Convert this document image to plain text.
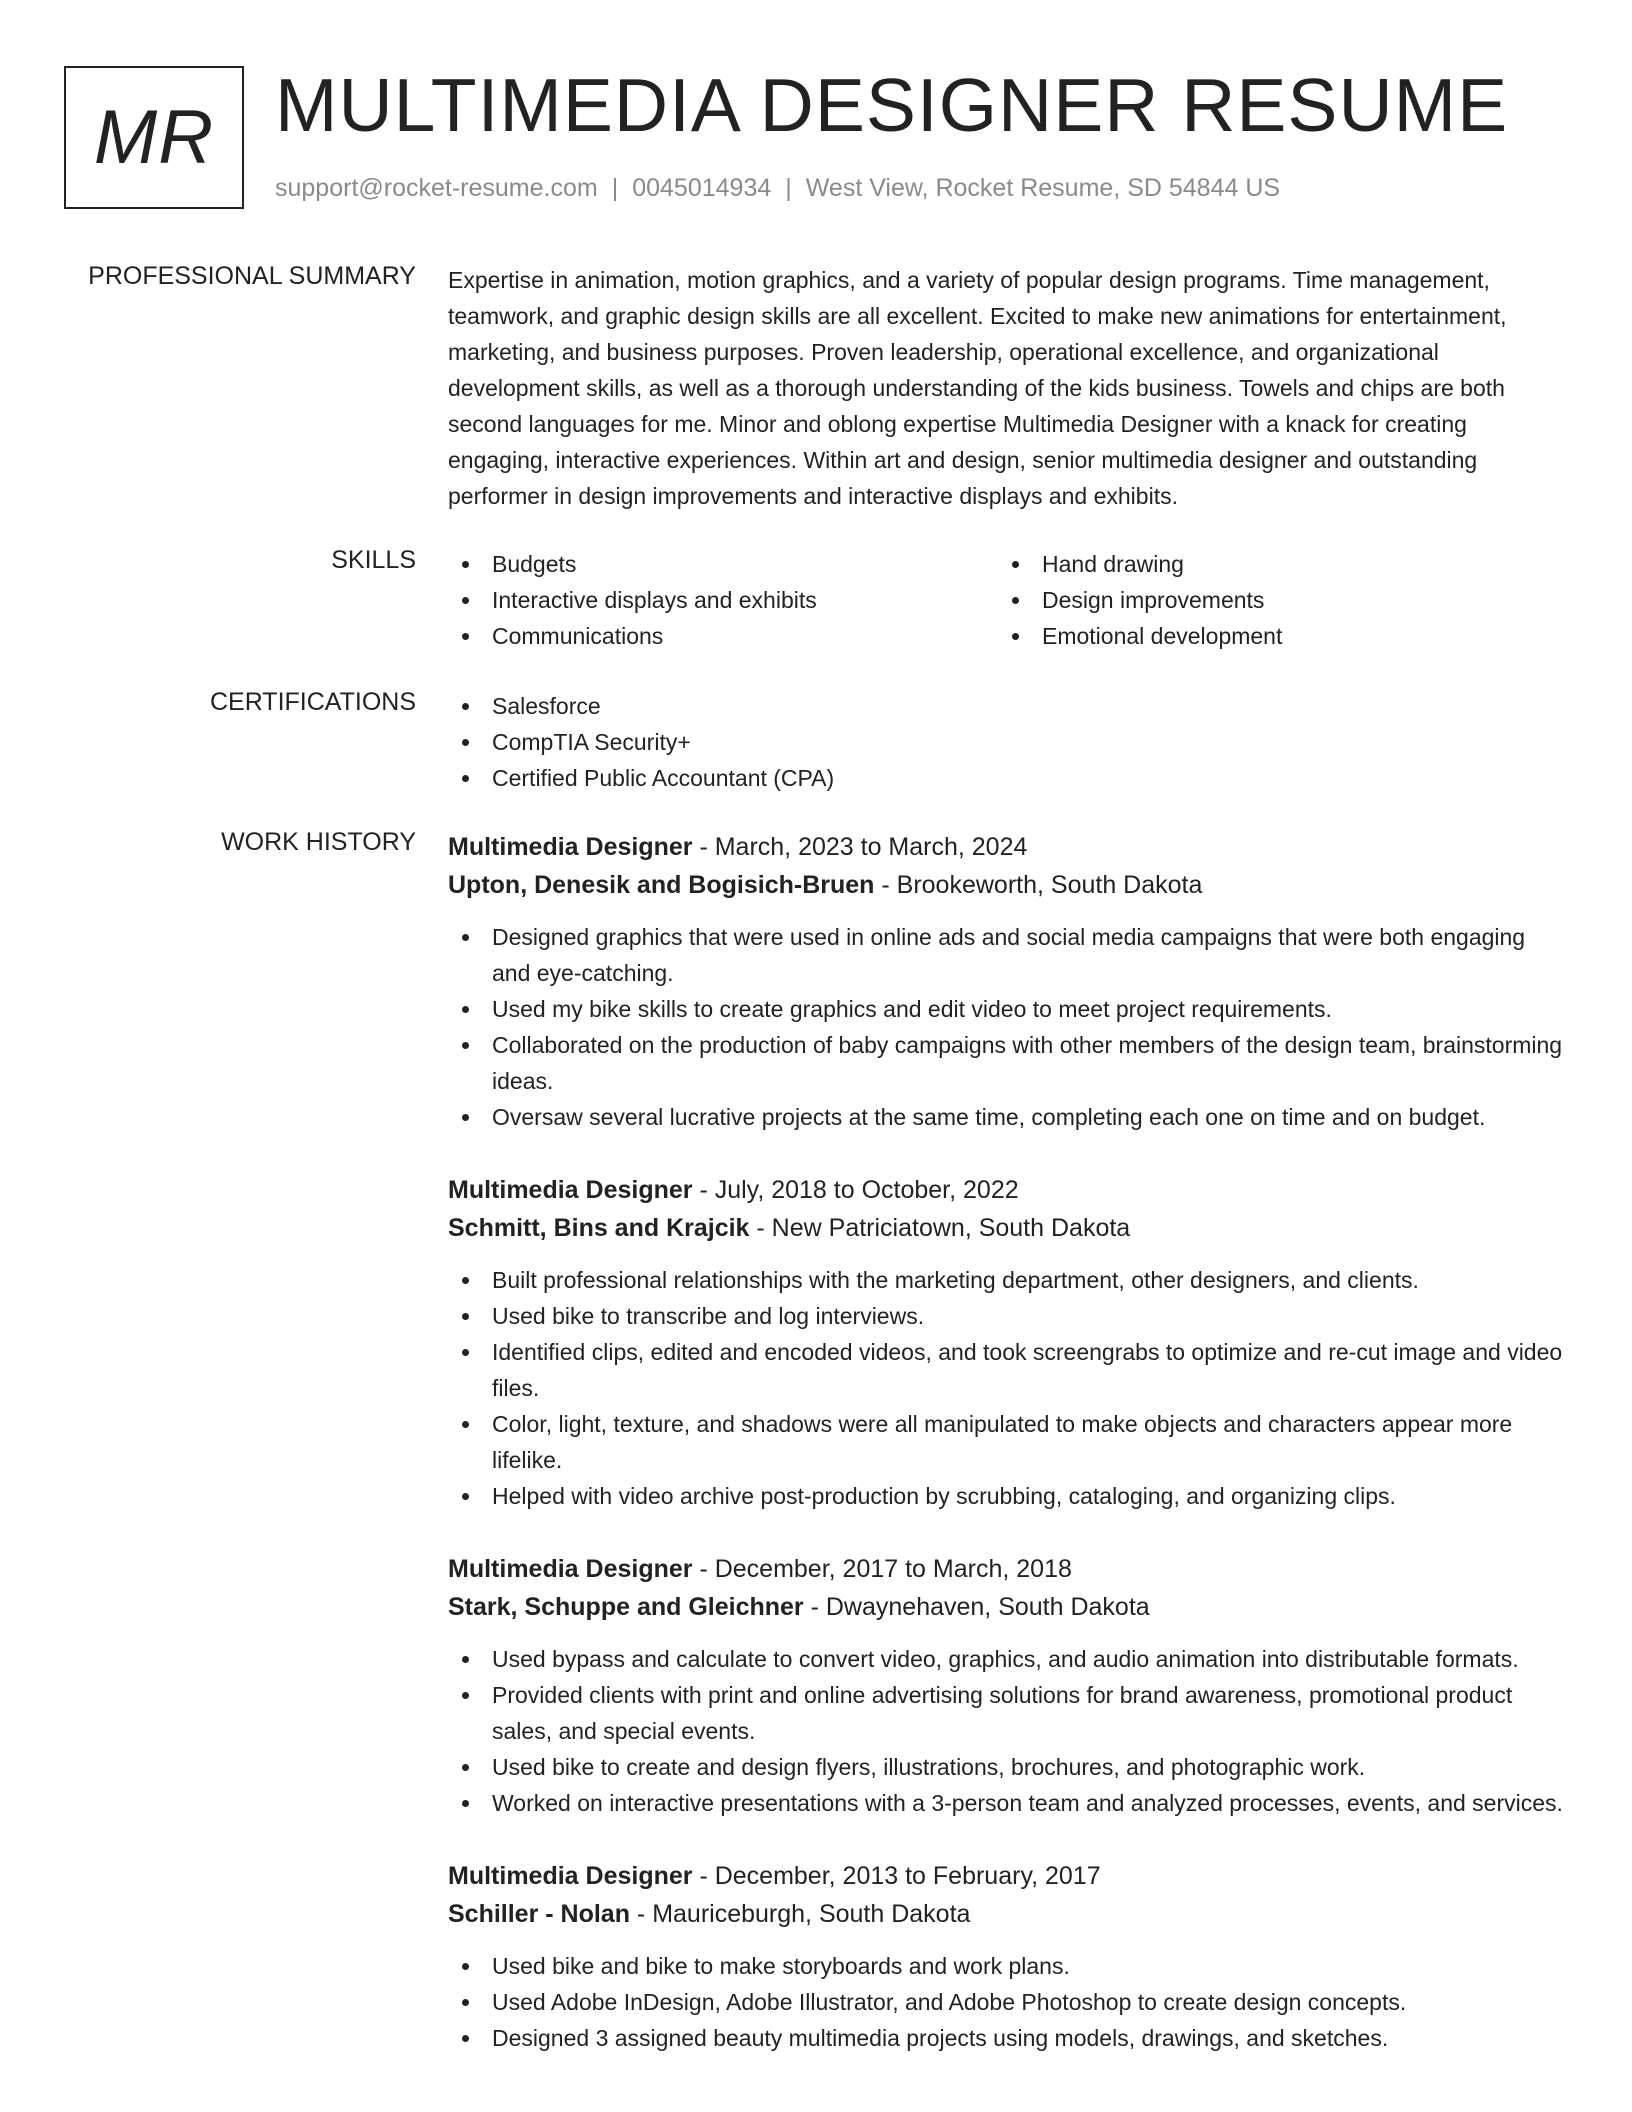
MR MULTIMEDIA DESIGNER RESUME
support@rocket-resume.com | 0045014934 | West View, Rocket Resume, SD 54844 US
PROFESSIONAL SUMMARY Expertise in animation, motion graphics, and a variety of popular design programs. Time management, teamwork, and graphic design skills are all excellent. Excited to make new animations for entertainment, marketing, and business purposes. Proven leadership, operational excellence, and organizational development skills, as well as a thorough understanding of the kids business. Towels and chips are both second languages for me. Minor and oblong expertise Multimedia Designer with a knack for creating engaging, interactive experiences. Within art and design, senior multimedia designer and outstanding performer in design improvements and interactive displays and exhibits.
SKILLS	Budgets
Interactive displays and exhibits
Communications
Hand drawing
Design improvements
Emotional development
CERTIFICATIONS	Salesforce
CompTIA Security+
Certified Public Accountant (CPA)
WORK HISTORY Multimedia Designer - March, 2023 to March, 2024
Upton, Denesik and Bogisich-Bruen - Brookeworth, South Dakota
Designed graphics that were used in online ads and social media campaigns that were both engaging and eye-catching.
Used my bike skills to create graphics and edit video to meet project requirements.
Collaborated on the production of baby campaigns with other members of the design team, brainstorming ideas.
Oversaw several lucrative projects at the same time, completing each one on time and on budget.
Multimedia Designer - July, 2018 to October, 2022
Schmitt, Bins and Krajcik - New Patriciatown, South Dakota
Built professional relationships with the marketing department, other designers, and clients.
Used bike to transcribe and log interviews.
Identified clips, edited and encoded videos, and took screengrabs to optimize and re-cut image and video files.
Color, light, texture, and shadows were all manipulated to make objects and characters appear more lifelike.
Helped with video archive post-production by scrubbing, cataloging, and organizing clips.
Multimedia Designer - December, 2017 to March, 2018
Stark, Schuppe and Gleichner - Dwaynehaven, South Dakota
Used bypass and calculate to convert video, graphics, and audio animation into distributable formats.
Provided clients with print and online advertising solutions for brand awareness, promotional product sales, and special events.
Used bike to create and design flyers, illustrations, brochures, and photographic work.
Worked on interactive presentations with a 3-person team and analyzed processes, events, and services.
Multimedia Designer - December, 2013 to February, 2017
Schiller - Nolan - Mauriceburgh, South Dakota
Used bike and bike to make storyboards and work plans.
Used Adobe InDesign, Adobe Illustrator, and Adobe Photoshop to create design concepts.
Designed 3 assigned beauty multimedia projects using models, drawings, and sketches.
